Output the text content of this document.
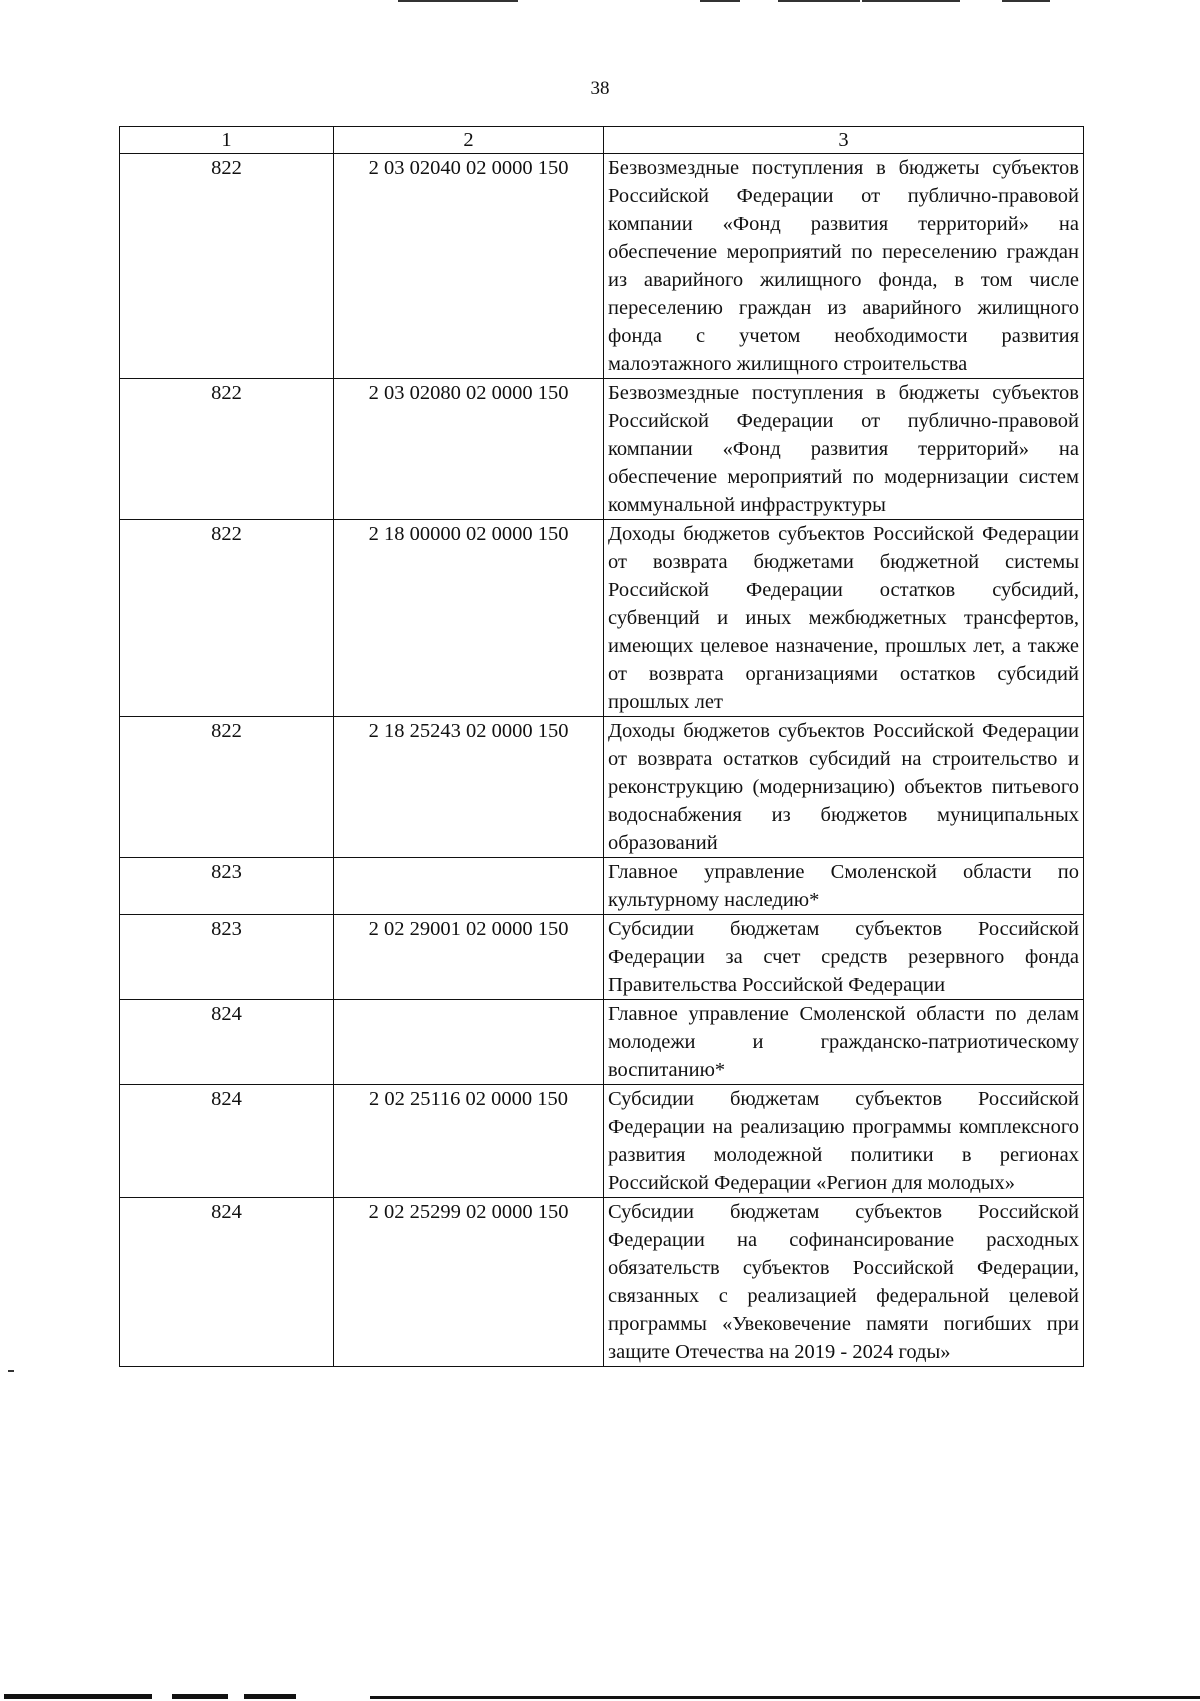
38
1	2	3
822	2 03 02040 02 0000 150	Безвозмездные поступления в бюджеты субъектов Российской Федерации от публично-правовой компании «Фонд развития территорий» на обеспечение мероприятий по переселению граждан из аварийного жилищного фонда, в том числе переселению граждан из аварийного жилищного фонда с учетом необходимости развития малоэтажного жилищного строительства
822	2 03 02080 02 0000 150	Безвозмездные поступления в бюджеты субъектов Российской Федерации от публично-правовой компании «Фонд развития территорий» на обеспечение мероприятий по модернизации систем коммунальной инфраструктуры
822	2 18 00000 02 0000 150	Доходы бюджетов субъектов Российской Федерации от возврата бюджетами бюджетной системы Российской Федерации остатков субсидий, субвенций и иных межбюджетных трансфертов, имеющих целевое назначение, прошлых лет, а также от возврата организациями остатков субсидий прошлых лет
822	2 18 25243 02 0000 150	Доходы бюджетов субъектов Российской Федерации от возврата остатков субсидий на строительство и реконструкцию (модернизацию) объектов питьевого водоснабжения из бюджетов муниципальных образований
823		Главное управление Смоленской области по культурному наследию*
823	2 02 29001 02 0000 150	Субсидии бюджетам субъектов Российской Федерации за счет средств резервного фонда Правительства Российской Федерации
824		Главное управление Смоленской области по делам молодежи и гражданско-патриотическому воспитанию*
824	2 02 25116 02 0000 150	Субсидии бюджетам субъектов Российской Федерации на реализацию программы комплексного развития молодежной политики в регионах Российской Федерации «Регион для молодых»
824	2 02 25299 02 0000 150	Субсидии бюджетам субъектов Российской Федерации на софинансирование расходных обязательств субъектов Российской Федерации, связанных с реализацией федеральной целевой программы «Увековечение памяти погибших при защите Отечества на 2019 - 2024 годы»
